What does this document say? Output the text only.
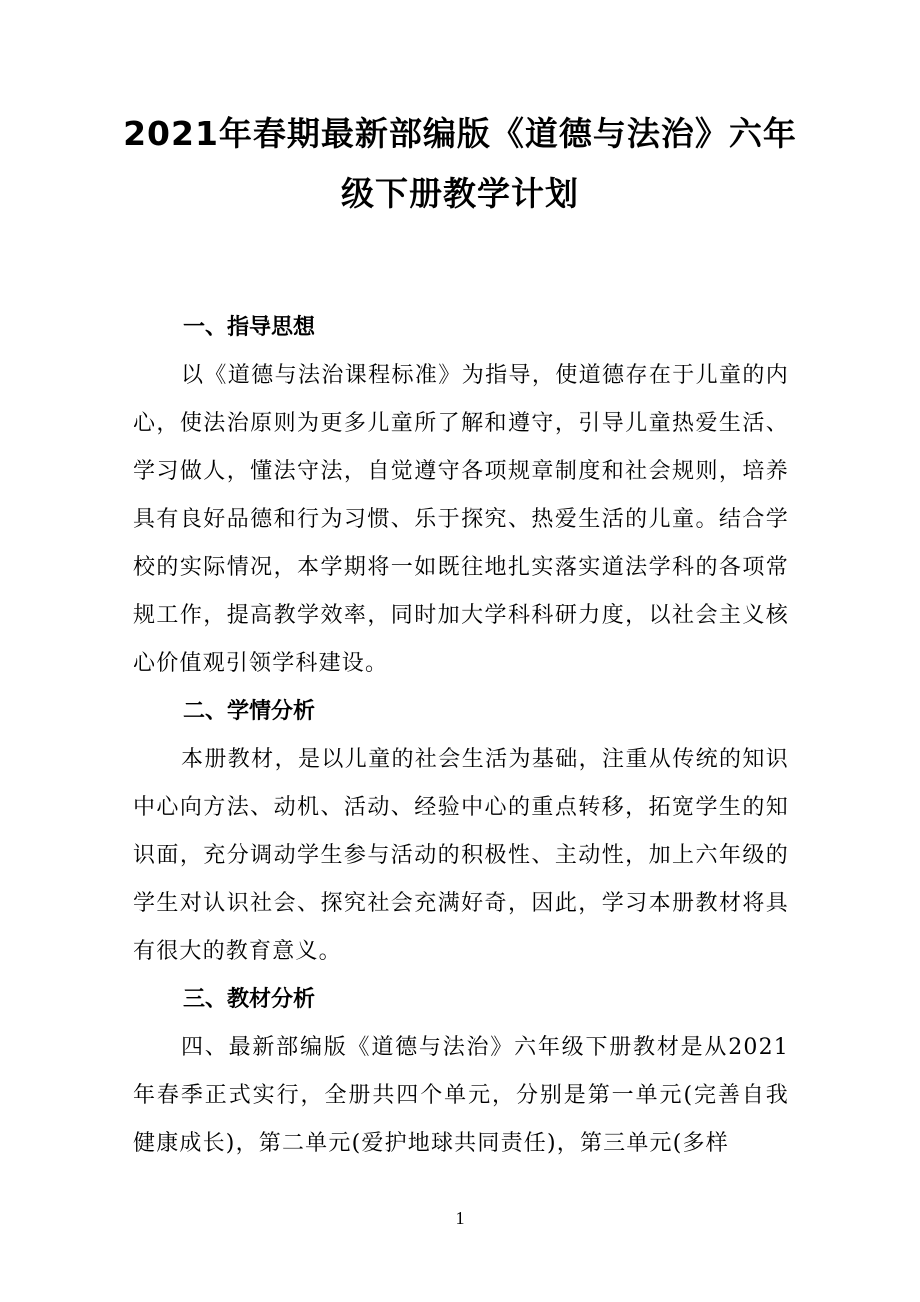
2021年春期最新部编版《道德与法治》六年级下册教学计划
一、指导思想

以《道德与法治课程标准》为指导，使道德存在于儿童的内心，使法治原则为更多儿童所了解和遵守，引导儿童热爱生活、学习做人，懂法守法，自觉遵守各项规章制度和社会规则，培养具有良好品德和行为习惯、乐于探究、热爱生活的儿童。结合学校的实际情况，本学期将一如既往地扎实落实道法学科的各项常规工作，提高教学效率，同时加大学科科研力度，以社会主义核心价值观引领学科建设。

二、学情分析

本册教材，是以儿童的社会生活为基础，注重从传统的知识中心向方法、动机、活动、经验中心的重点转移，拓宽学生的知识面，充分调动学生参与活动的积极性、主动性，加上六年级的学生对认识社会、探究社会充满好奇，因此，学习本册教材将具有很大的教育意义。

三、教材分析

四、最新部编版《道德与法治》六年级下册教材是从2021年春季正式实行，全册共四个单元，分别是第一单元(完善自我健康成长)，第二单元(爱护地球共同责任)，第三单元(多样

1
